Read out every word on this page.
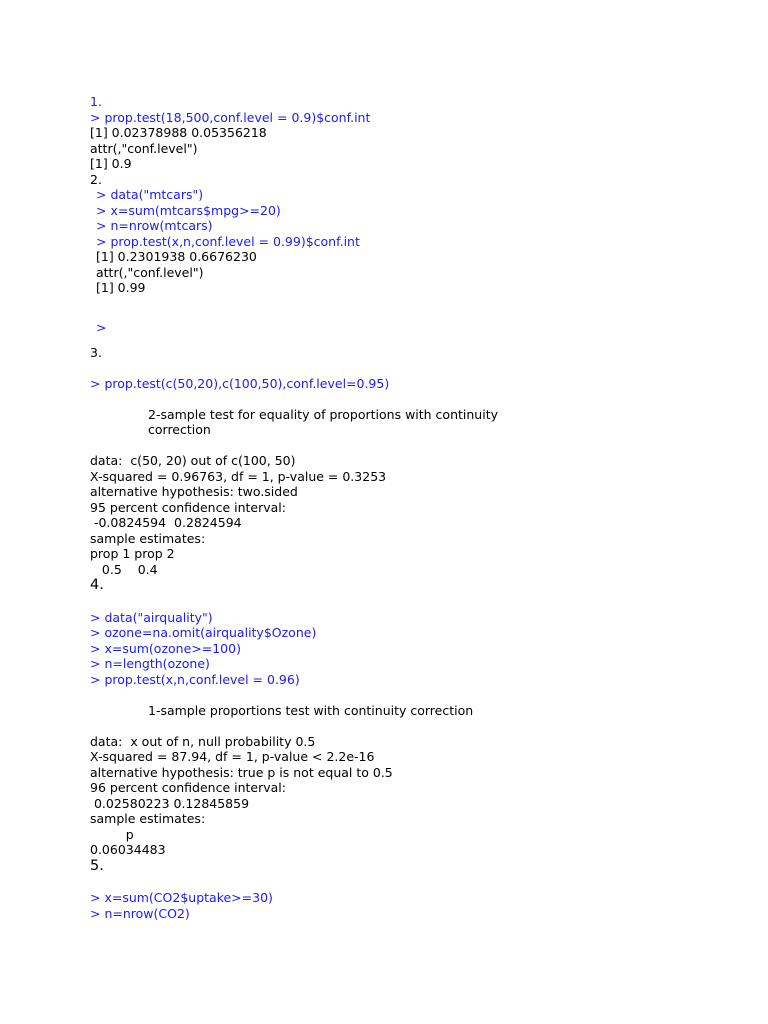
1.
> prop.test(18,500,conf.level = 0.9)$conf.int
[1] 0.02378988 0.05356218
attr(,"conf.level")
[1] 0.9
2.
> data("mtcars")
> x=sum(mtcars$mpg>=20)
> n=nrow(mtcars)
> prop.test(x,n,conf.level = 0.99)$conf.int
[1] 0.2301938 0.6676230
attr(,"conf.level")
[1] 0.99
>
3.
> prop.test(c(50,20),c(100,50),conf.level=0.95)
2-sample test for equality of proportions with continuity
correction
data:  c(50, 20) out of c(100, 50)
X-squared = 0.96763, df = 1, p-value = 0.3253
alternative hypothesis: two.sided
95 percent confidence interval:
-0.0824594  0.2824594
sample estimates:
prop 1 prop 2
0.5    0.4
4.
> data("airquality")
> ozone=na.omit(airquality$Ozone)
> x=sum(ozone>=100)
> n=length(ozone)
> prop.test(x,n,conf.level = 0.96)
1-sample proportions test with continuity correction
data:  x out of n, null probability 0.5
X-squared = 87.94, df = 1, p-value < 2.2e-16
alternative hypothesis: true p is not equal to 0.5
96 percent confidence interval:
0.02580223 0.12845859
sample estimates:
p
0.06034483
5.
> x=sum(CO2$uptake>=30)
> n=nrow(CO2)
